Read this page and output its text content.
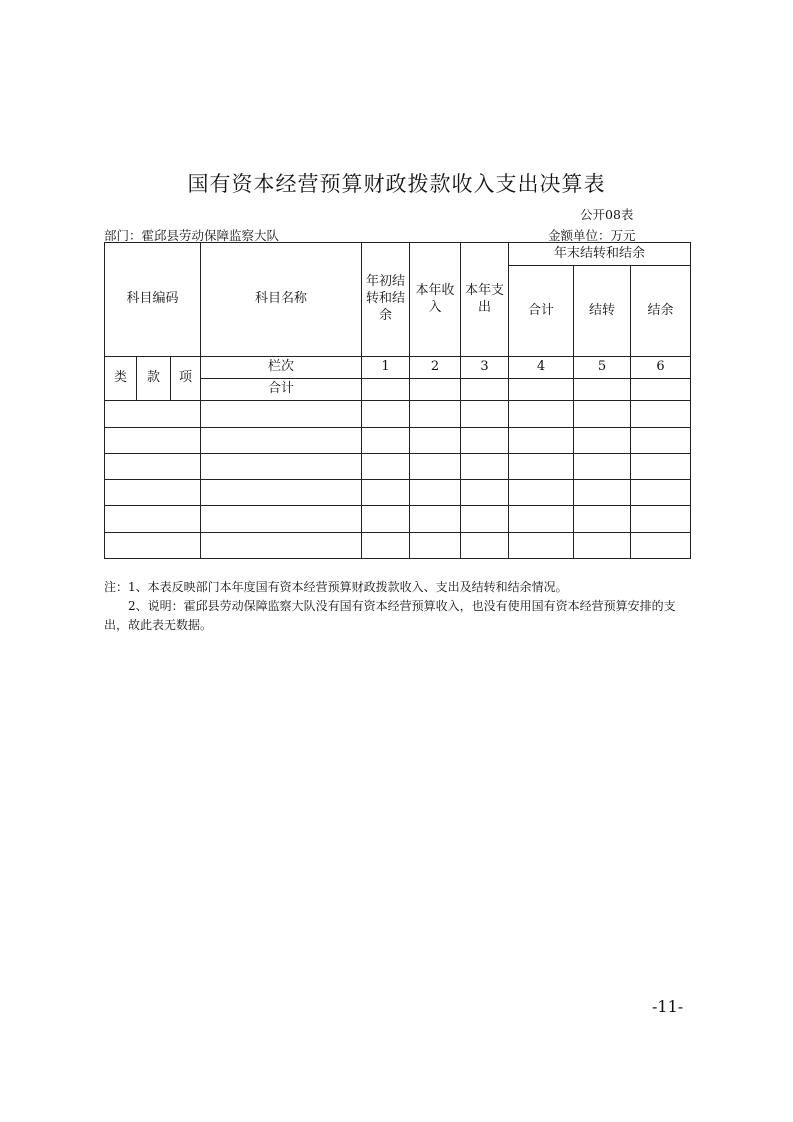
国有资本经营预算财政拨款收入支出决算表
公开08表
部门：霍邱县劳动保障监察大队	金额单位：万元
科目编码			科目名称	年初结转和结余	本年收入	本年支出	年末结转和结余		
							合计	结转	结余
类	款	项	栏次	1	2	3	4	5	6
			合计						

注：1、本表反映部门本年度国有资本经营预算财政拨款收入、支出及结转和结余情况。
2、说明：霍邱县劳动保障监察大队没有国有资本经营预算收入，也没有使用国有资本经营预算安排的支出，故此表无数据。
-11-
